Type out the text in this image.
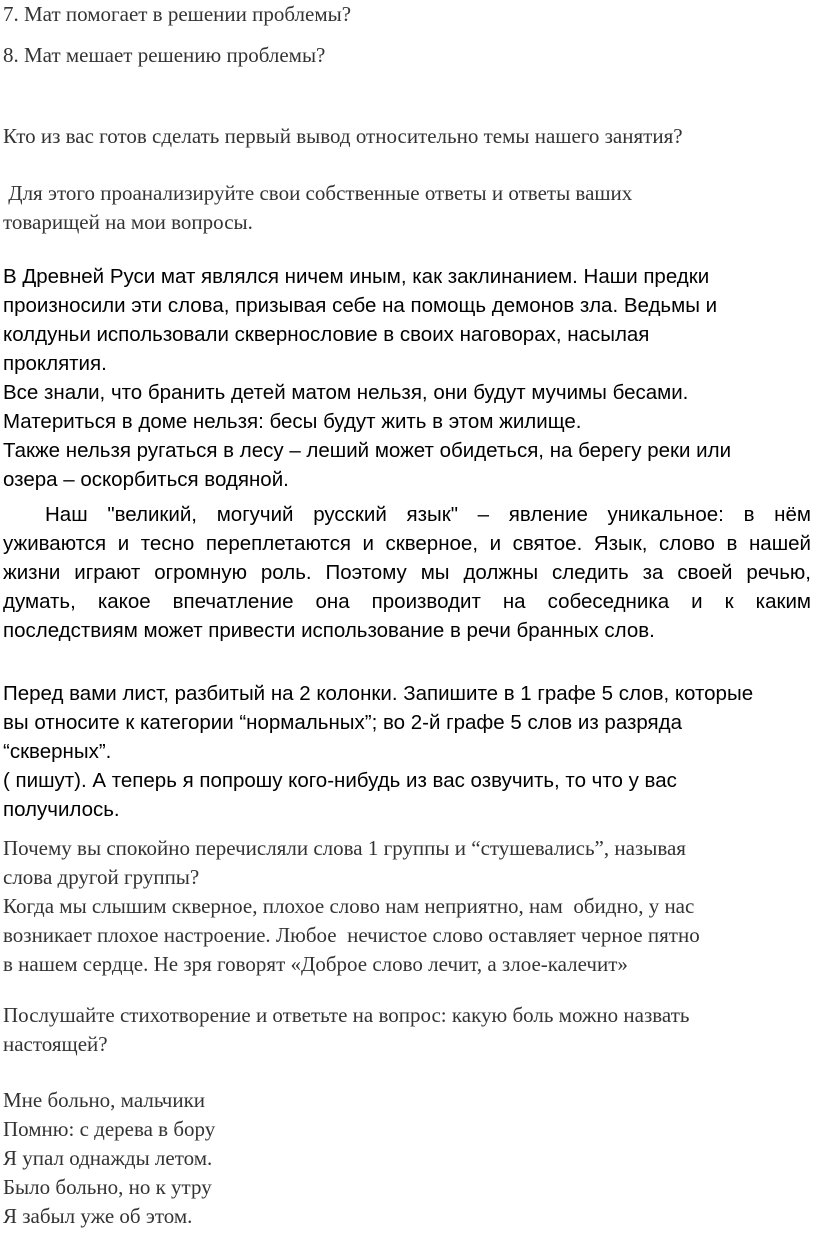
7. Мат помогает в решении проблемы?
8. Мат мешает решению проблемы?
Кто из вас готов сделать первый вывод относительно темы нашего занятия?
Для этого проанализируйте свои собственные ответы и ответы ваших
товарищей на мои вопросы.
В Древней Руси мат являлся ничем иным, как заклинанием. Наши предки
произносили эти слова, призывая себе на помощь демонов зла. Ведьмы и
колдуньи использовали сквернословие в своих наговорах, насылая
проклятия.
Все знали, что бранить детей матом нельзя, они будут мучимы бесами.
Материться в доме нельзя: бесы будут жить в этом жилище.
Также нельзя ругаться в лесу – леший может обидеться, на берегу реки или
озера – оскорбиться водяной.
Наш "великий, могучий русский язык" – явление уникальное: в нём
уживаются и тесно переплетаются и скверное, и святое. Язык, слово в нашей
жизни играют огромную роль. Поэтому мы должны следить за своей речью,
думать, какое впечатление она производит на собеседника и к каким
последствиям может привести использование в речи бранных слов.
Перед вами лист, разбитый на 2 колонки. Запишите в 1 графе 5 слов, которые
вы относите к категории “нормальных”; во 2-й графе 5 слов из разряда
“скверных”.
( пишут). А теперь я попрошу кого-нибудь из вас озвучить, то что у вас
получилось.
Почему вы спокойно перечисляли слова 1 группы и “стушевались”, называя
слова другой группы?
Когда мы слышим скверное, плохое слово нам неприятно, нам  обидно, у нас
возникает плохое настроение. Любое  нечистое слово оставляет черное пятно
в нашем сердце. Не зря говорят «Доброе слово лечит, а злое-калечит»
Послушайте стихотворение и ответьте на вопрос: какую боль можно назвать
настоящей?
Мне больно, мальчики
Помню: с дерева в бору
Я упал однажды летом.
Было больно, но к утру
Я забыл уже об этом.
